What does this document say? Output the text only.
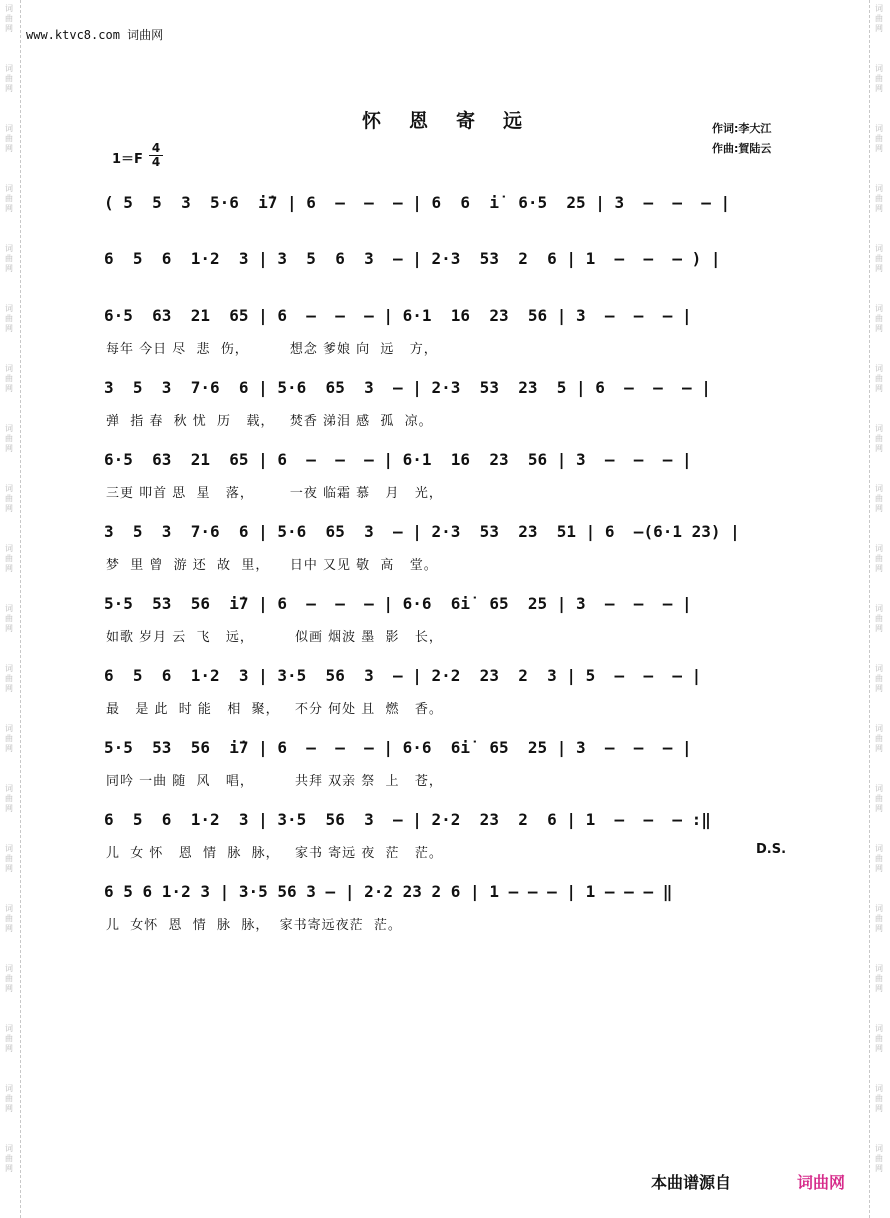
词曲网
词曲网
词曲网
词曲网
词曲网
词曲网
词曲网
词曲网
词曲网
词曲网
词曲网
词曲网
词曲网
词曲网
词曲网
词曲网
词曲网
词曲网
词曲网
词曲网
词曲网
词曲网
词曲网
词曲网
词曲网
词曲网
词曲网
词曲网
词曲网
词曲网
词曲网
词曲网
词曲网
词曲网
词曲网
词曲网
词曲网
词曲网
词曲网
词曲网
www.ktvc8.com 词曲网
怀恩寄远	作词:李大江
作曲:賀陆云
1＝F
4
4
( 5  5  3  5·6  i̇7 | 6  —  —  — | 6  6  i̇  6·5  25 | 3  —  —  — |
6  5  6  1·2  3 | 3  5  6  3  — | 2·3  53  2  6 | 1  —  —  — ) |
6·5  63  21  65 | 6  —  —  — | 6·1  16  23  56 | 3  —  —  — |
每年 今日 尽  悲  伤，        想念 爹娘 向  远   方，
3  5  3  7·6  6 | 5·6  65  3  — | 2·3  53  23  5 | 6  —  —  — |
弹  指 春  秋 忧  历   载，   焚香 涕泪 感  孤  凉。
6·5  63  21  65 | 6  —  —  — | 6·1  16  23  56 | 3  —  —  — |
三更 叩首 思  星   落，       一夜 临霜 慕   月   光，
3  5  3  7·6  6 | 5·6  65  3  — | 2·3  53  23  51 | 6  —(6·1 23) |
梦  里 曾  游 还  故  里，    日中 又见 敬  高   堂。
5·5  53  56  i̇7 | 6  —  —  — | 6·6  6i̇  65  25 | 3  —  —  — |
如歌 岁月 云  飞   远，        似画 烟波 墨  影   长，
6  5  6  1·2  3 | 3·5  56  3  — | 2·2  23  2  3 | 5  —  —  — |
最   是 此  时 能   相  聚，   不分 何处 且  燃   香。
5·5  53  56  i̇7 | 6  —  —  — | 6·6  6i̇  65  25 | 3  —  —  — |
同吟 一曲 随  风   唱，        共拜 双亲 祭  上   苍，
6  5  6  1·2  3 | 3·5  56  3  — | 2·2  23  2  6 | 1  —  —  — :‖
儿  女 怀   恩  情  脉  脉，   家书 寄远 夜  茫   茫。	D.S.
6 5 6 1·2 3 | 3·5 56 3 — | 2·2 23 2 6 | 1 — — — | 1 — — — ‖
儿  女怀  恩  情  脉  脉，  家书寄远夜茫  茫。
本曲谱源自	词曲网
